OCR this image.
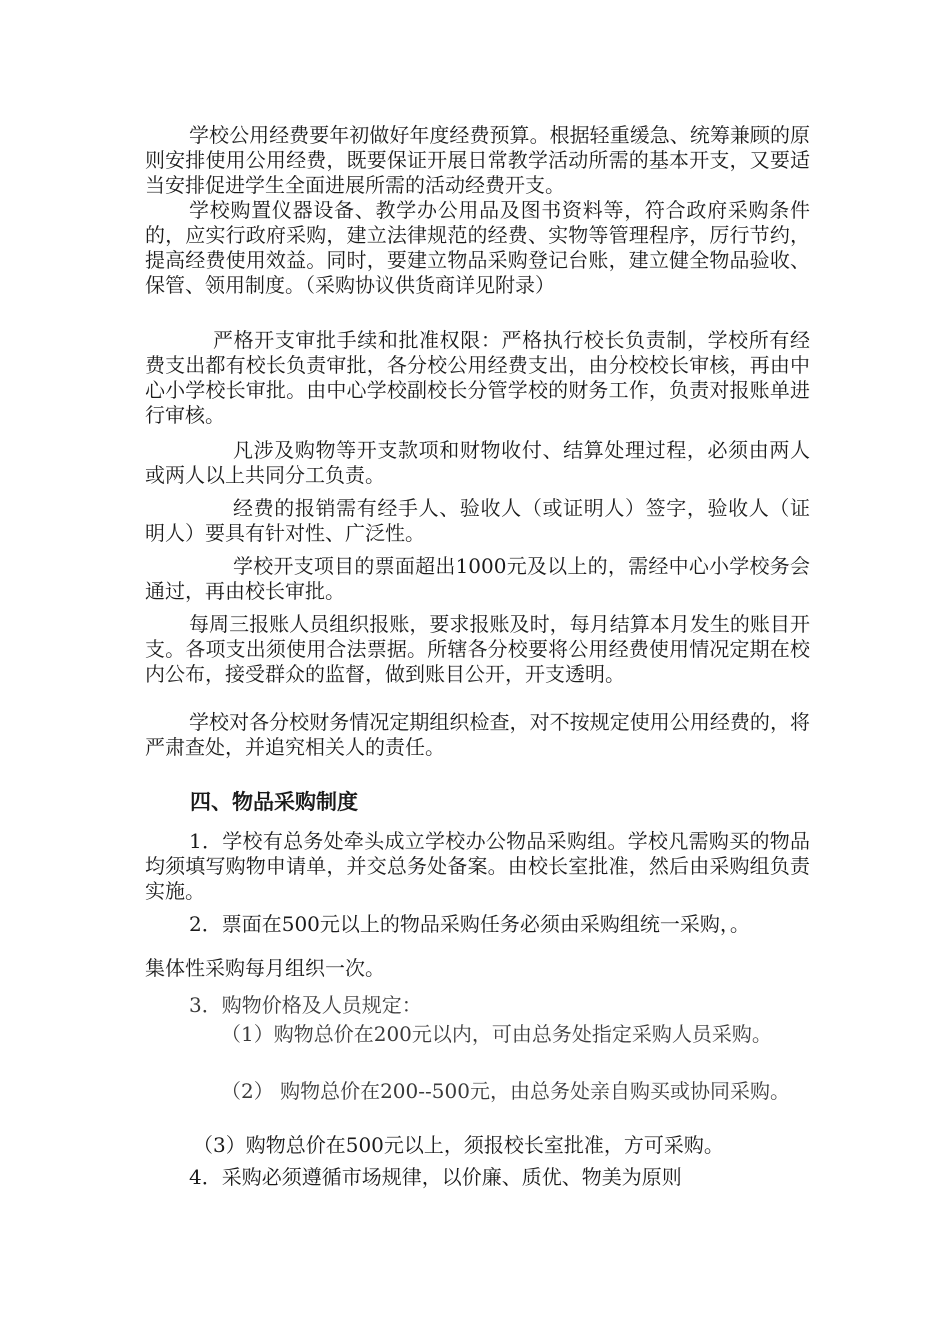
学校公用经费要年初做好年度经费预算。根据轻重缓急、统筹兼顾的原则安排使用公用经费，既要保证开展日常教学活动所需的基本开支，又要适当安排促进学生全面进展所需的活动经费开支。

学校购置仪器设备、教学办公用品及图书资料等，符合政府采购条件的，应实行政府采购，建立法律规范的经费、实物等管理程序，厉行节约，提高经费使用效益。同时，要建立物品采购登记台账，建立健全物品验收、保管、领用制度。（采购协议供货商详见附录）

严格开支审批手续和批准权限：严格执行校长负责制，学校所有经费支出都有校长负责审批，各分校公用经费支出，由分校校长审核，再由中心小学校长审批。由中心学校副校长分管学校的财务工作，负责对报账单进行审核。

凡涉及购物等开支款项和财物收付、结算处理过程，必须由两人或两人以上共同分工负责。

经费的报销需有经手人、验收人（或证明人）签字，验收人（证明人）要具有针对性、广泛性。

学校开支项目的票面超出1000元及以上的，需经中心小学校务会通过，再由校长审批。

每周三报账人员组织报账，要求报账及时，每月结算本月发生的账目开支。各项支出须使用合法票据。所辖各分校要将公用经费使用情况定期在校内公布，接受群众的监督，做到账目公开，开支透明。

学校对各分校财务情况定期组织检查，对不按规定使用公用经费的，将严肃查处，并追究相关人的责任。

四、物品采购制度

1．学校有总务处牵头成立学校办公物品采购组。学校凡需购买的物品均须填写购物申请单，并交总务处备案。由校长室批准，然后由采购组负责实施。

2．票面在500元以上的物品采购任务必须由采购组统一采购，。

集体性采购每月组织一次。

3．购物价格及人员规定：

（1）购物总价在200元以内，可由总务处指定采购人员采购。

（2） 购物总价在200--500元，由总务处亲自购买或协同采购。

（3）购物总价在500元以上，须报校长室批准，方可采购。

4．采购必须遵循市场规律，以价廉、质优、物美为原则
